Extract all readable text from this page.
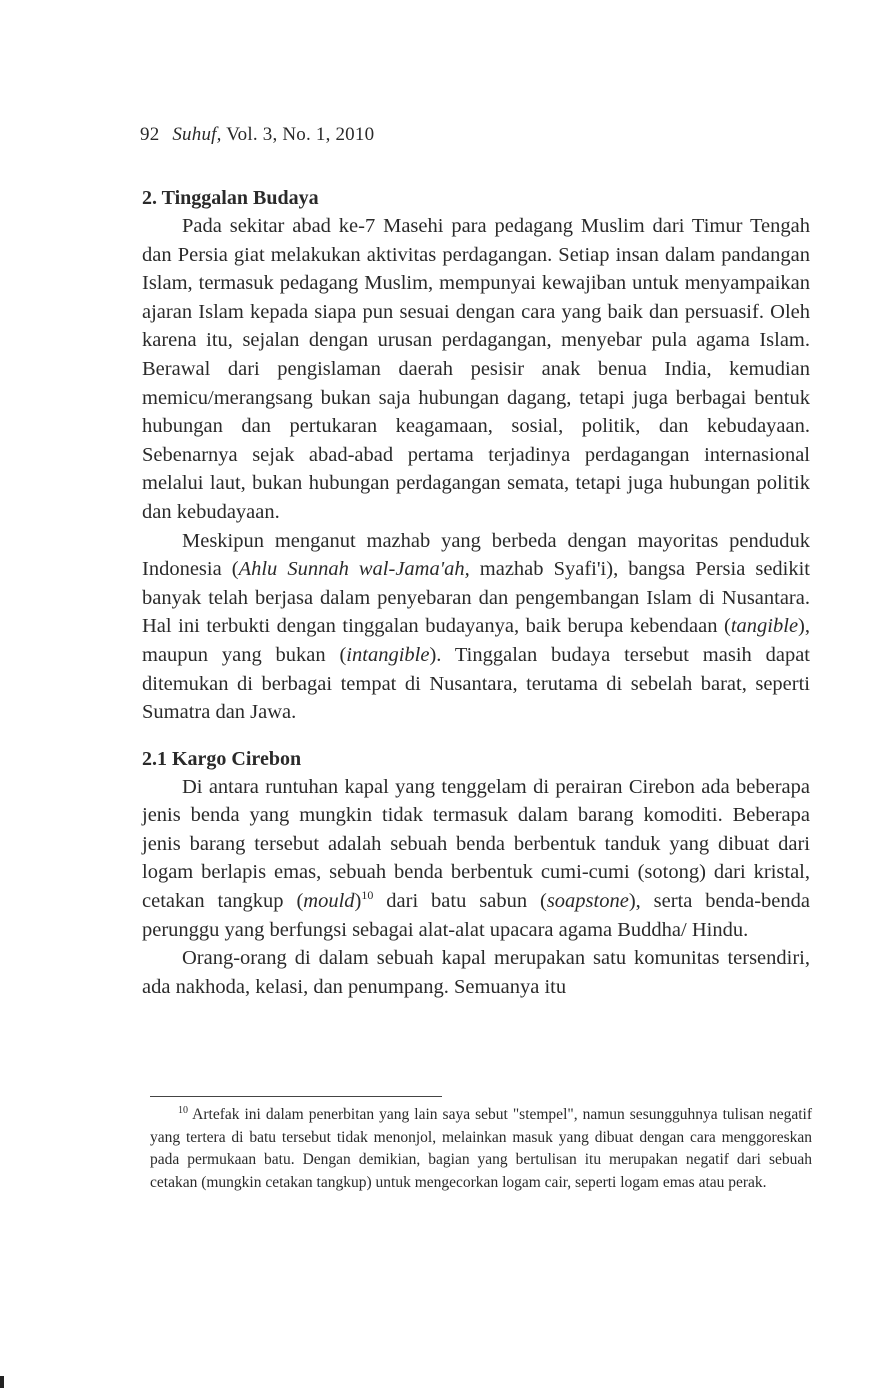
92 Suhuf, Vol. 3, No. 1, 2010
2. Tinggalan Budaya

Pada sekitar abad ke-7 Masehi para pedagang Muslim dari Timur Tengah dan Persia giat melakukan aktivitas perdagangan. Setiap insan dalam pandangan Islam, termasuk pedagang Muslim, mempunyai kewajiban untuk menyampaikan ajaran Islam kepada siapa pun sesuai dengan cara yang baik dan persuasif. Oleh karena itu, sejalan dengan urusan perdagangan, menyebar pula agama Islam. Berawal dari pengislaman daerah pesisir anak benua India, kemudian memicu/merangsang bukan saja hubungan dagang, tetapi juga berbagai bentuk hubungan dan pertukaran keagamaan, sosial, politik, dan kebudayaan. Sebenarnya sejak abad-abad pertama terjadinya perdagangan internasional melalui laut, bukan hubungan perdagangan semata, tetapi juga hubungan politik dan kebudayaan.

Meskipun menganut mazhab yang berbeda dengan mayoritas penduduk Indonesia (Ahlu Sunnah wal-Jama'ah, mazhab Syafi'i), bangsa Persia sedikit banyak telah berjasa dalam penyebaran dan pengembangan Islam di Nusantara. Hal ini terbukti dengan tinggalan budayanya, baik berupa kebendaan (tangible), maupun yang bukan (intangible). Tinggalan budaya tersebut masih dapat ditemukan di berbagai tempat di Nusantara, terutama di sebelah barat, seperti Sumatra dan Jawa.

2.1 Kargo Cirebon

Di antara runtuhan kapal yang tenggelam di perairan Cirebon ada beberapa jenis benda yang mungkin tidak termasuk dalam barang komoditi. Beberapa jenis barang tersebut adalah sebuah benda berbentuk tanduk yang dibuat dari logam berlapis emas, sebuah benda berbentuk cumi-cumi (sotong) dari kristal, cetakan tangkup (mould)$^{10}$ dari batu sabun (soapstone), serta benda-benda perunggu yang berfungsi sebagai alat-alat upacara agama Buddha/ Hindu.

Orang-orang di dalam sebuah kapal merupakan satu komunitas tersendiri, ada nakhoda, kelasi, dan penumpang. Semuanya itu

$^{10}$ Artefak ini dalam penerbitan yang lain saya sebut "stempel", namun sesungguhnya tulisan negatif yang tertera di batu tersebut tidak menonjol, melainkan masuk yang dibuat dengan cara menggoreskan pada permukaan batu. Dengan demikian, bagian yang bertulisan itu merupakan negatif dari sebuah cetakan (mungkin cetakan tangkup) untuk mengecorkan logam cair, seperti logam emas atau perak.
